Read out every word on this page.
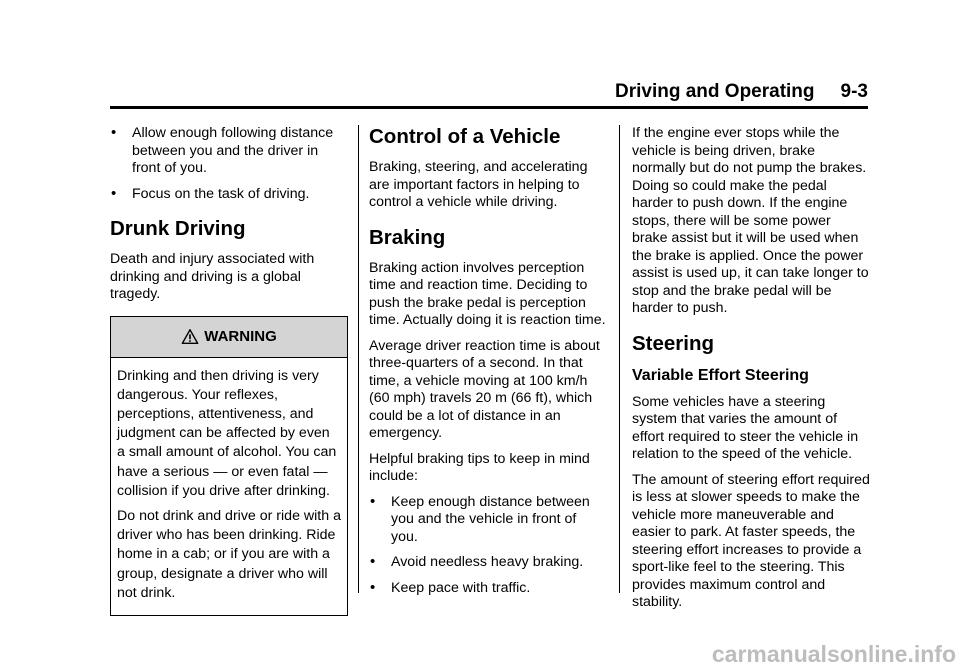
Driving and Operating 9-3
• Allow enough following distance between you and the driver in front of you.

• Focus on the task of driving.

Drunk Driving

Death and injury associated with drinking and driving is a global tragedy.

WARNING

Drinking and then driving is very dangerous. Your reflexes, perceptions, attentiveness, and judgment can be affected by even a small amount of alcohol. You can have a serious — or even fatal — collision if you drive after drinking.

Do not drink and drive or ride with a driver who has been drinking. Ride home in a cab; or if you are with a group, designate a driver who will not drink.

Control of a Vehicle

Braking, steering, and accelerating are important factors in helping to control a vehicle while driving.

Braking

Braking action involves perception time and reaction time. Deciding to push the brake pedal is perception time. Actually doing it is reaction time.

Average driver reaction time is about three-quarters of a second. In that time, a vehicle moving at 100 km/h (60 mph) travels 20 m (66 ft), which could be a lot of distance in an emergency.

Helpful braking tips to keep in mind include:

• Keep enough distance between you and the vehicle in front of you.

• Avoid needless heavy braking.

• Keep pace with traffic.

If the engine ever stops while the vehicle is being driven, brake normally but do not pump the brakes. Doing so could make the pedal harder to push down. If the engine stops, there will be some power brake assist but it will be used when the brake is applied. Once the power assist is used up, it can take longer to stop and the brake pedal will be harder to push.

Steering
Variable Effort Steering

Some vehicles have a steering system that varies the amount of effort required to steer the vehicle in relation to the speed of the vehicle.

The amount of steering effort required is less at slower speeds to make the vehicle more maneuverable and easier to park. At faster speeds, the steering effort increases to provide a sport-like feel to the steering. This provides maximum control and stability.

carmanualsonline.info
